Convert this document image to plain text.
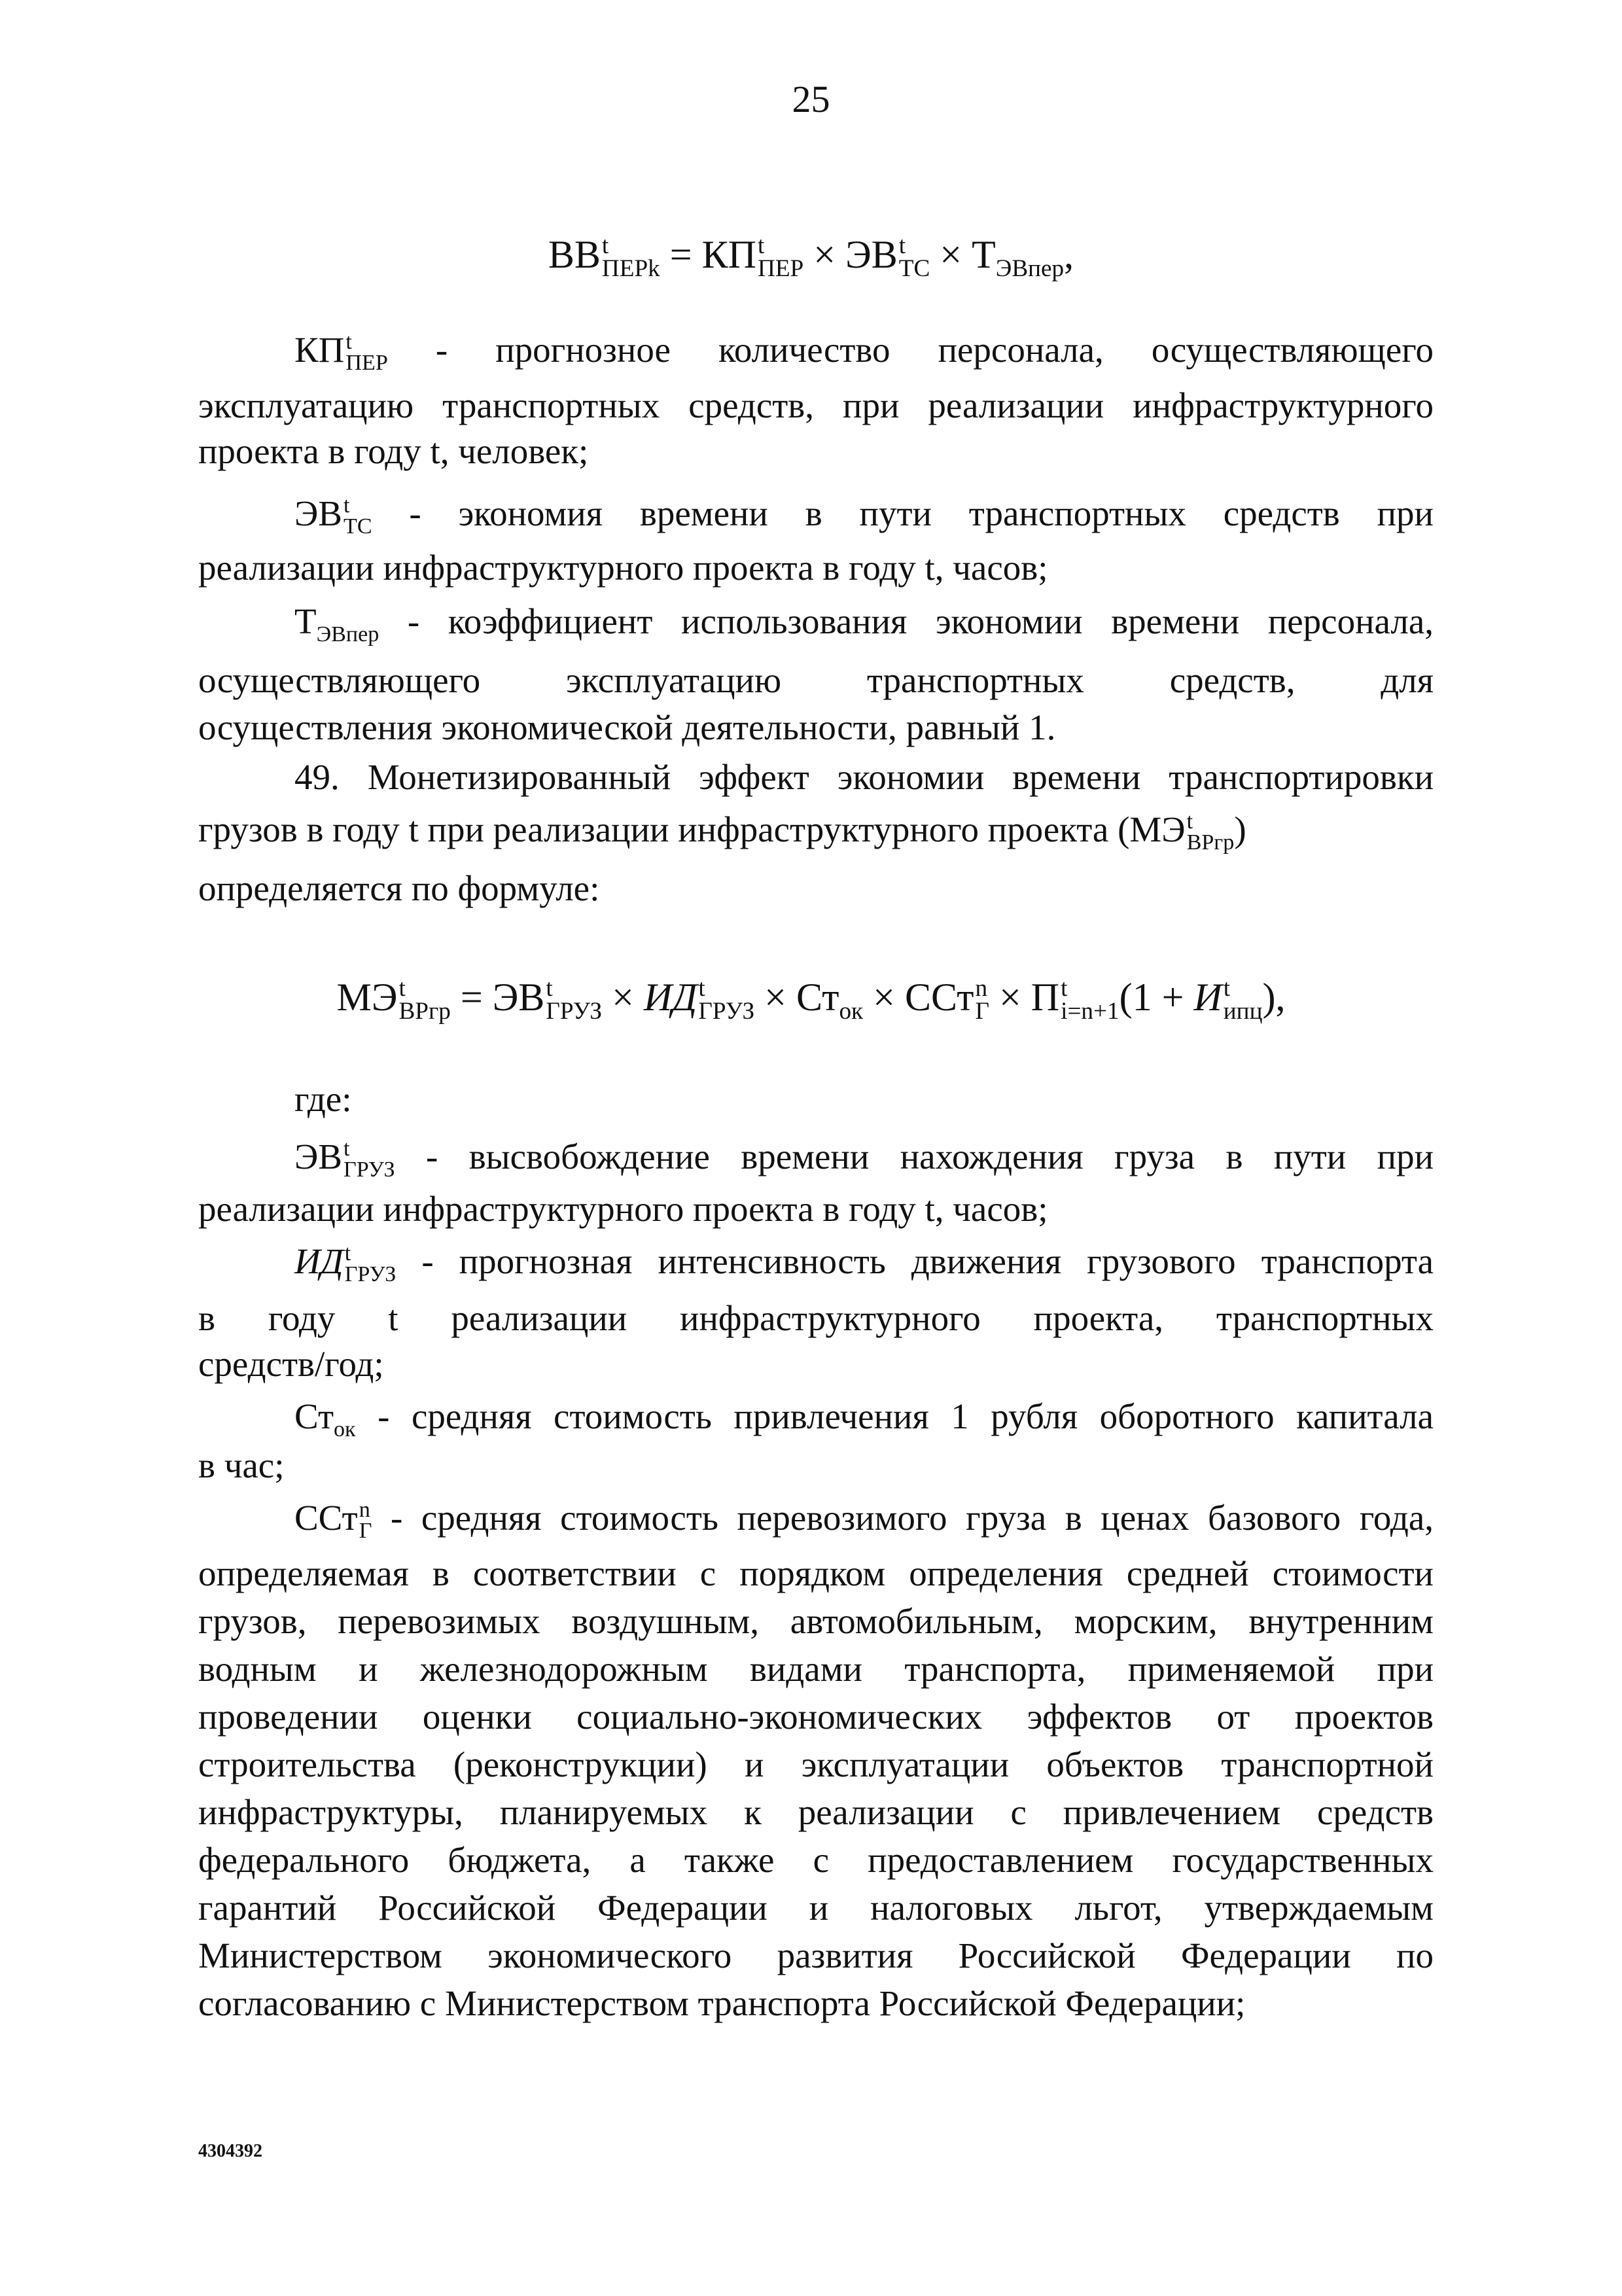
25
ВВ t
ПЕРk = КП t
ПЕР × ЭВ t
ТС × $Т_{ЭВпер}$,
КП t
ПЕР - прогнозное количество персонала, осуществляющего
эксплуатацию транспортных средств, при реализации инфраструктурного
проекта в году t, человек;
ЭВ t
ТС - экономия времени в пути транспортных средств при
реализации инфраструктурного проекта в году t, часов;
$Т_{ЭВпер}$ - коэффициент использования экономии времени персонала,
осуществляющего эксплуатацию транспортных средств, для
осуществления экономической деятельности, равный 1.
49. Монетизированный эффект экономии времени транспортировки
грузов в году t при реализации инфраструктурного проекта (МЭ t
ВРгр )
определяется по формуле:
МЭ t
ВРгр = ЭВ t
ГРУЗ × ИД t
ГРУЗ × $Ст_{ок}$ × ССт n
Г × П t
i=n+1 (1 + И t
ипц ),
где:
ЭВ t
ГРУЗ - высвобождение времени нахождения груза в пути при
реализации инфраструктурного проекта в году t, часов;
ИД t
ГРУЗ - прогнозная интенсивность движения грузового транспорта
в году t реализации инфраструктурного проекта, транспортных
средств/год;
$Ст_{ок}$ - средняя стоимость привлечения 1 рубля оборотного капитала
в час;
ССт n
Г - средняя стоимость перевозимого груза в ценах базового года,
определяемая в соответствии с порядком определения средней стоимости
грузов, перевозимых воздушным, автомобильным, морским, внутренним
водным и железнодорожным видами транспорта, применяемой при
проведении оценки социально-экономических эффектов от проектов
строительства (реконструкции) и эксплуатации объектов транспортной
инфраструктуры, планируемых к реализации с привлечением средств
федерального бюджета, а также с предоставлением государственных
гарантий Российской Федерации и налоговых льгот, утверждаемым
Министерством экономического развития Российской Федерации по
согласованию с Министерством транспорта Российской Федерации;
4304392
